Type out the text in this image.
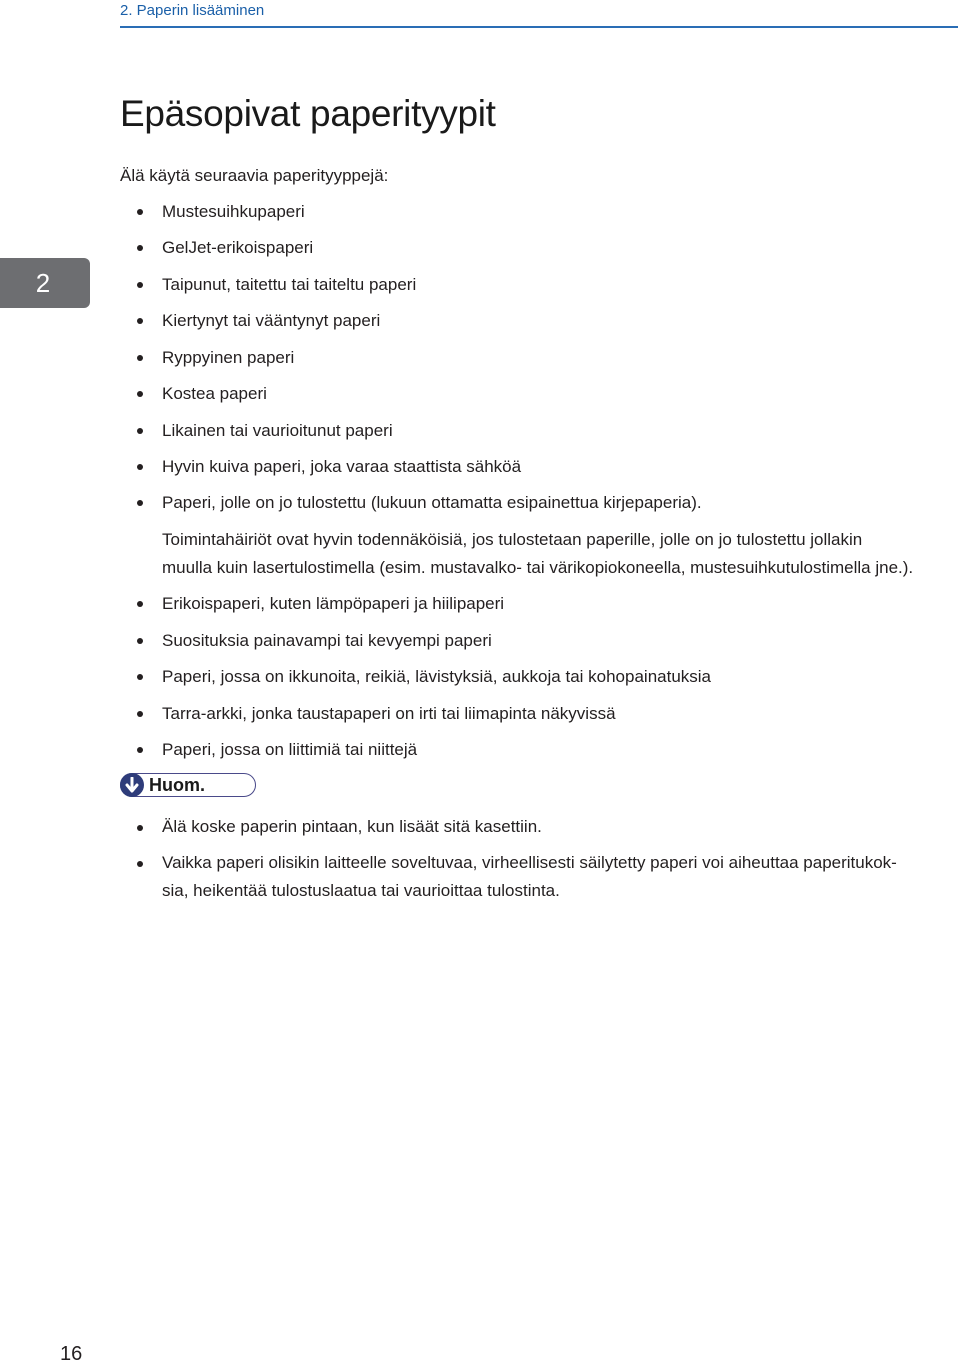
2. Paperin lisääminen
2
Epäsopivat paperityypit
Älä käytä seuraavia paperityyppejä:
Mustesuihkupaperi
GelJet-erikoispaperi
Taipunut, taitettu tai taiteltu paperi
Kiertynyt tai vääntynyt paperi
Ryppyinen paperi
Kostea paperi
Likainen tai vaurioitunut paperi
Hyvin kuiva paperi, joka varaa staattista sähköä
Paperi, jolle on jo tulostettu (lukuun ottamatta esipainettua kirjepaperia).
Toimintahäiriöt ovat hyvin todennäköisiä, jos tulostetaan paperille, jolle on jo tulostettu jollakin
muulla kuin lasertulostimella (esim. mustavalko- tai värikopiokoneella, mustesuihkutulostimella jne.).
Erikoispaperi, kuten lämpöpaperi ja hiilipaperi
Suosituksia painavampi tai kevyempi paperi
Paperi, jossa on ikkunoita, reikiä, lävistyksiä, aukkoja tai kohopainatuksia
Tarra-arkki, jonka taustapaperi on irti tai liimapinta näkyvissä
Paperi, jossa on liittimiä tai niittejä
Huom.
Älä koske paperin pintaan, kun lisäät sitä kasettiin.
Vaikka paperi olisikin laitteelle soveltuvaa, virheellisesti säilytetty paperi voi aiheuttaa paperitukok-
sia, heikentää tulostuslaatua tai vaurioittaa tulostinta.
16
